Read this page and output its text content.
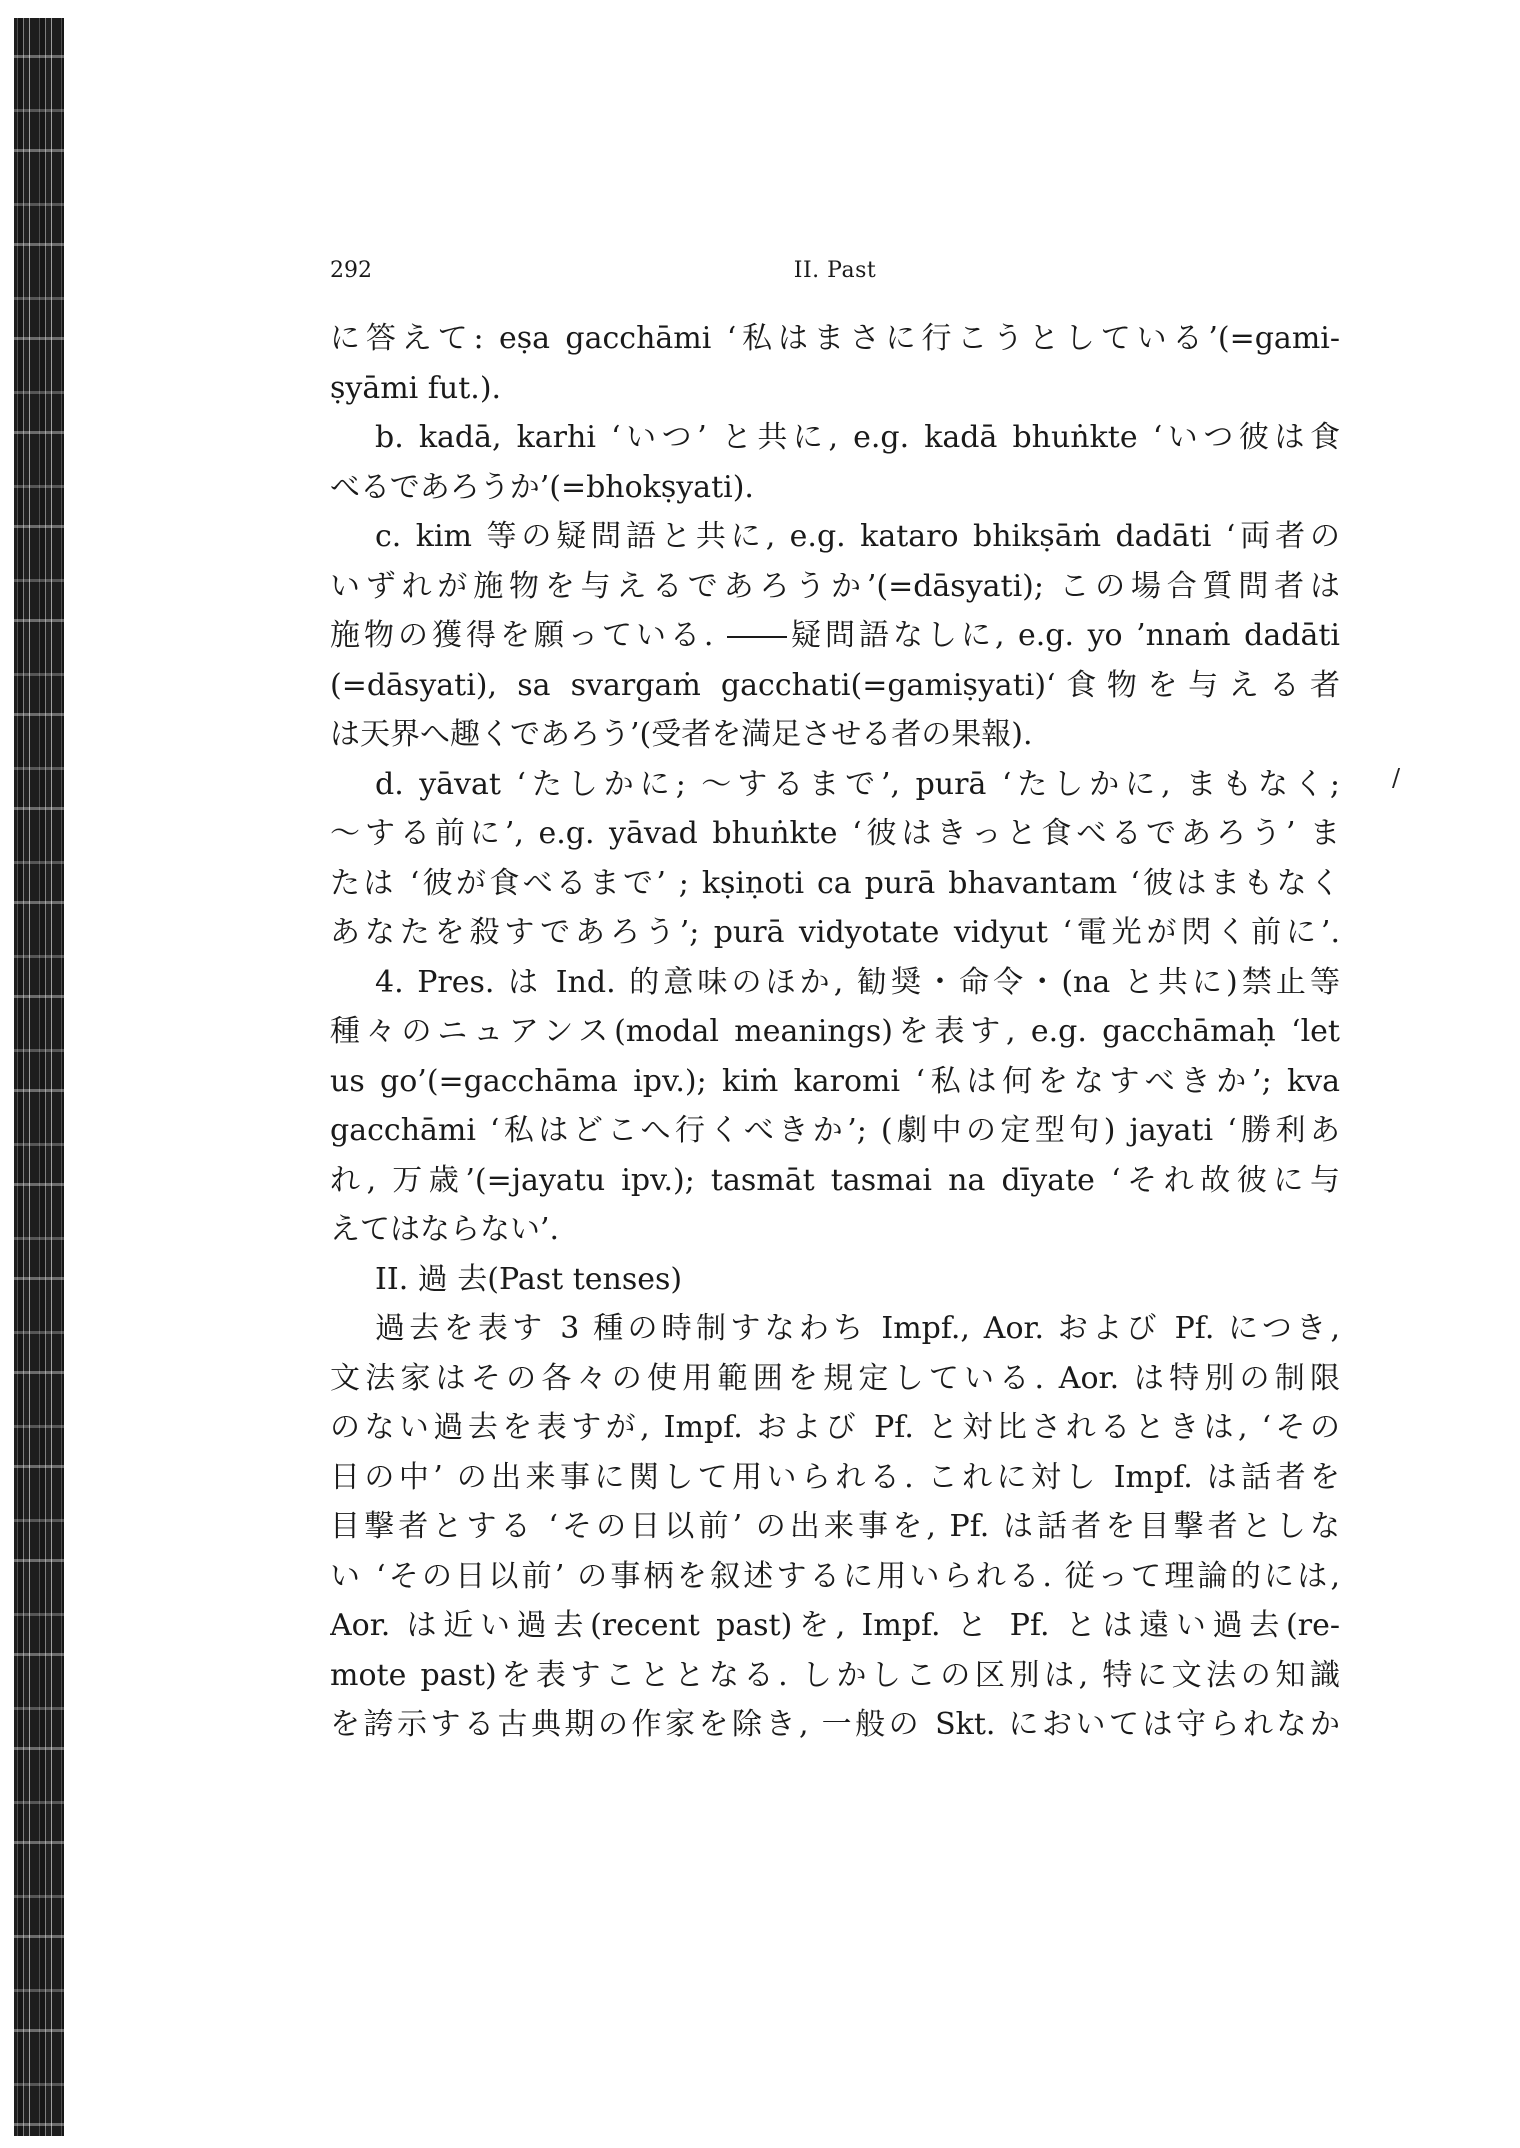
292	II. Past
/
に答えて: eṣa gacchāmi ‘私はまさに行こうとしている’(=gami-
ṣyāmi fut.).
b. kadā, karhi ‘いつ’ と共に, e.g. kadā bhuṅkte ‘いつ彼は食
べるであろうか’(=bhokṣyati).
c. kim 等の疑問語と共に, e.g. kataro bhikṣāṁ dadāti ‘両者の
いずれが施物を与えるであろうか’(=dāsyati); この場合質問者は
施物の獲得を願っている. ――疑問語なしに, e.g. yo ’nnaṁ dadāti
(=dāsyati), sa svargaṁ gacchati(=gamiṣyati)‘食物を与える者
は天界へ趣くであろう’(受者を満足させる者の果報).
d. yāvat ‘たしかに; ～するまで’, purā ‘たしかに, まもなく;
～する前に’, e.g. yāvad bhuṅkte ‘彼はきっと食べるであろう’ ま
たは ‘彼が食べるまで’ ; kṣiṇoti ca purā bhavantam ‘彼はまもなく
あなたを殺すであろう’; purā vidyotate vidyut ‘電光が閃く前に’.
4. Pres. は Ind. 的意味のほか, 勧奨・命令・(na と共に)禁止等
種々のニュアンス(modal meanings)を表す, e.g. gacchāmaḥ ‘let
us go’(=gacchāma ipv.); kiṁ karomi ‘私は何をなすべきか’; kva
gacchāmi ‘私はどこへ行くべきか’; (劇中の定型句) jayati ‘勝利あ
れ, 万歳’(=jayatu ipv.); tasmāt tasmai na dīyate ‘それ故彼に与
えてはならない’.
II. 過 去(Past tenses)
過去を表す 3 種の時制すなわち Impf., Aor. および Pf. につき,
文法家はその各々の使用範囲を規定している. Aor. は特別の制限
のない過去を表すが, Impf. および Pf. と対比されるときは, ‘その
日の中’ の出来事に関して用いられる. これに対し Impf. は話者を
目撃者とする ‘その日以前’ の出来事を, Pf. は話者を目撃者としな
い ‘その日以前’ の事柄を叙述するに用いられる. 従って理論的には,
Aor. は近い過去(recent past)を, Impf. と Pf. とは遠い過去(re-
mote past)を表すこととなる. しかしこの区別は, 特に文法の知識
を誇示する古典期の作家を除き, 一般の Skt. においては守られなか
